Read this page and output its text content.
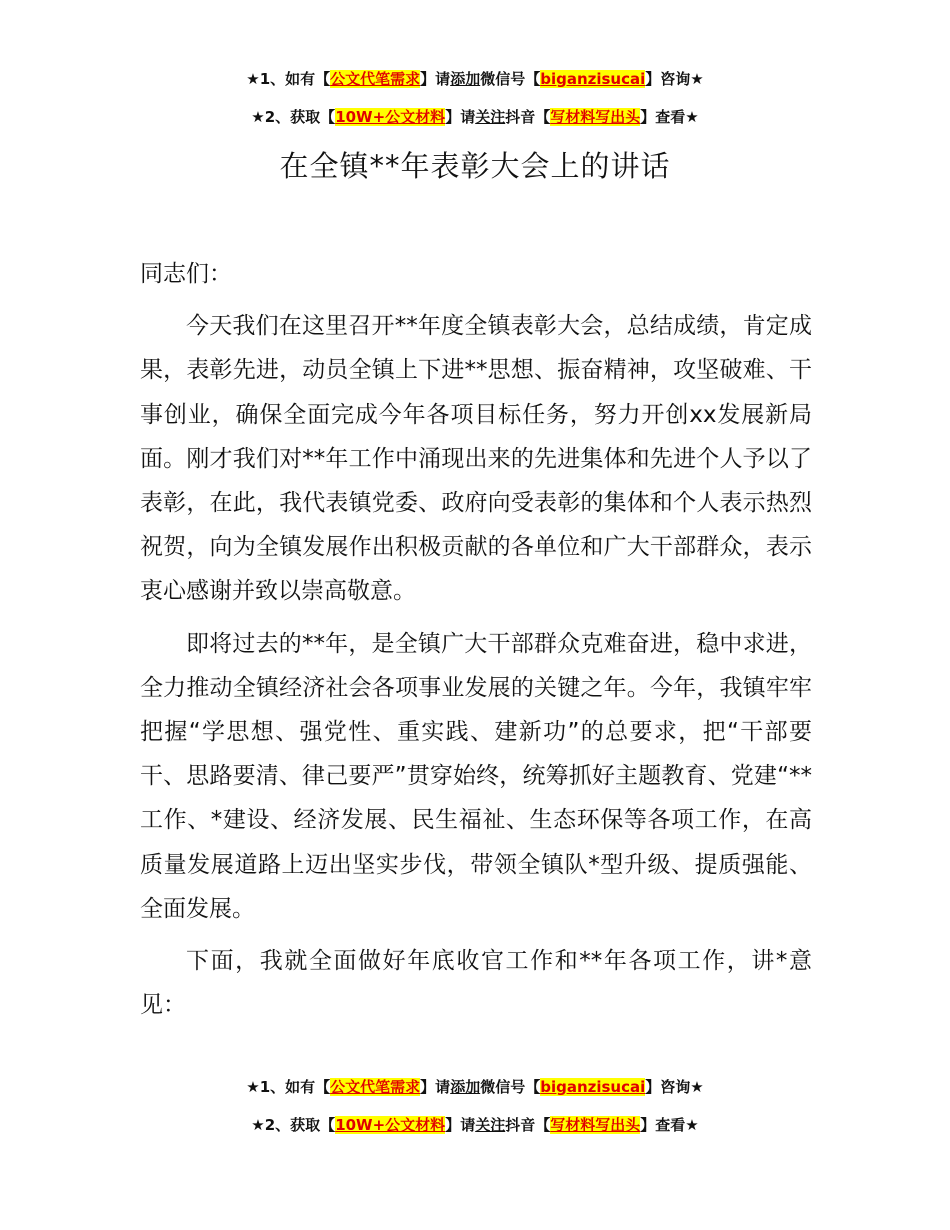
★1、如有【公文代笔需求】请添加微信号【biganzisucai】咨询★
★2、获取【10W+公文材料】请关注抖音【写材料写出头】查看★
在全镇**年表彰大会上的讲话

同志们：

今天我们在这里召开**年度全镇表彰大会，总结成绩，肯定成果，表彰先进，动员全镇上下进**思想、振奋精神，攻坚破难、干事创业，确保全面完成今年各项目标任务，努力开创xx发展新局面。刚才我们对**年工作中涌现出来的先进集体和先进个人予以了表彰，在此，我代表镇党委、政府向受表彰的集体和个人表示热烈祝贺，向为全镇发展作出积极贡献的各单位和广大干部群众，表示衷心感谢并致以崇高敬意。

即将过去的**年，是全镇广大干部群众克难奋进，稳中求进，全力推动全镇经济社会各项事业发展的关键之年。今年，我镇牢牢把握“学思想、强党性、重实践、建新功”的总要求，把“干部要干、思路要清、律己要严”贯穿始终，统筹抓好主题教育、党建“**工作、*建设、经济发展、民生福祉、生态环保等各项工作，在高质量发展道路上迈出坚实步伐，带领全镇队*型升级、提质强能、全面发展。

下面，我就全面做好年底收官工作和**年各项工作，讲*意见：

★1、如有【公文代笔需求】请添加微信号【biganzisucai】咨询★
★2、获取【10W+公文材料】请关注抖音【写材料写出头】查看★
